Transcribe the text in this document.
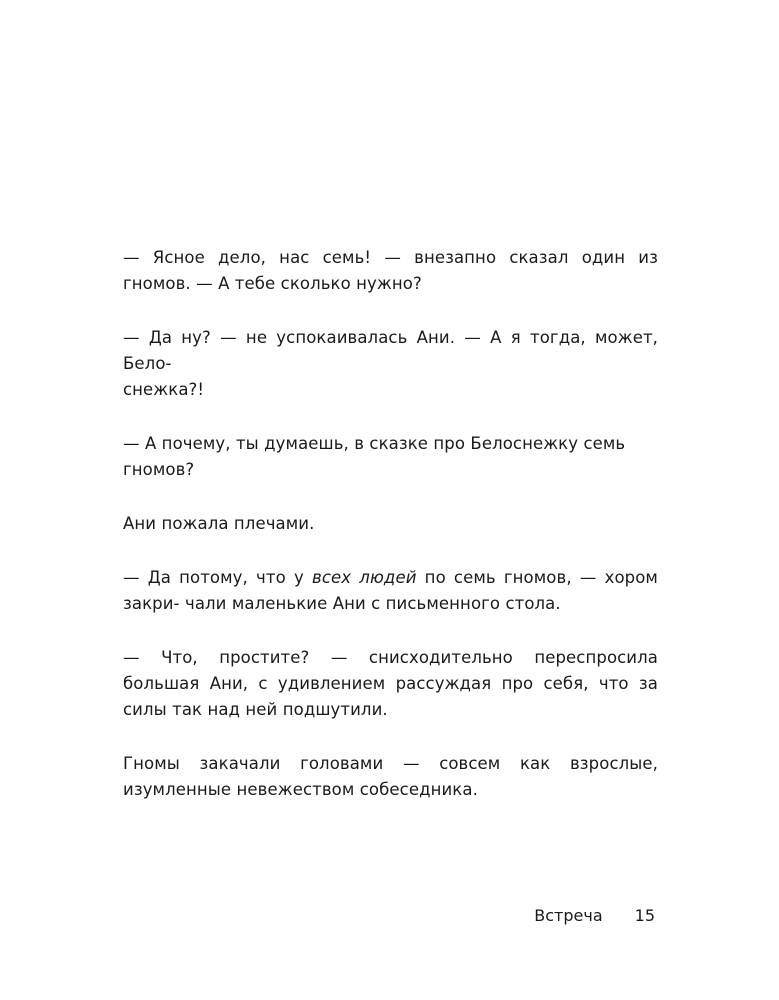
— Ясное дело, нас семь! — внезапно сказал один из гномов. — А тебе сколько нужно?

— Да ну? — не успокаивалась Ани. — А я тогда, может, Бело-
снежка?!

— А почему, ты думаешь, в сказке про Белоснежку семь гномов?

Ани пожала плечами.

— Да потому, что у всех людей по семь гномов, — хором закри- чали маленькие Ани с письменного стола.

— Что, простите? — снисходительно переспросила большая Ани, с удивлением рассуждая про себя, что за силы так над ней подшутили.

Гномы закачали головами — совсем как взрослые, изумленные невежеством собеседника.

Встреча 15
